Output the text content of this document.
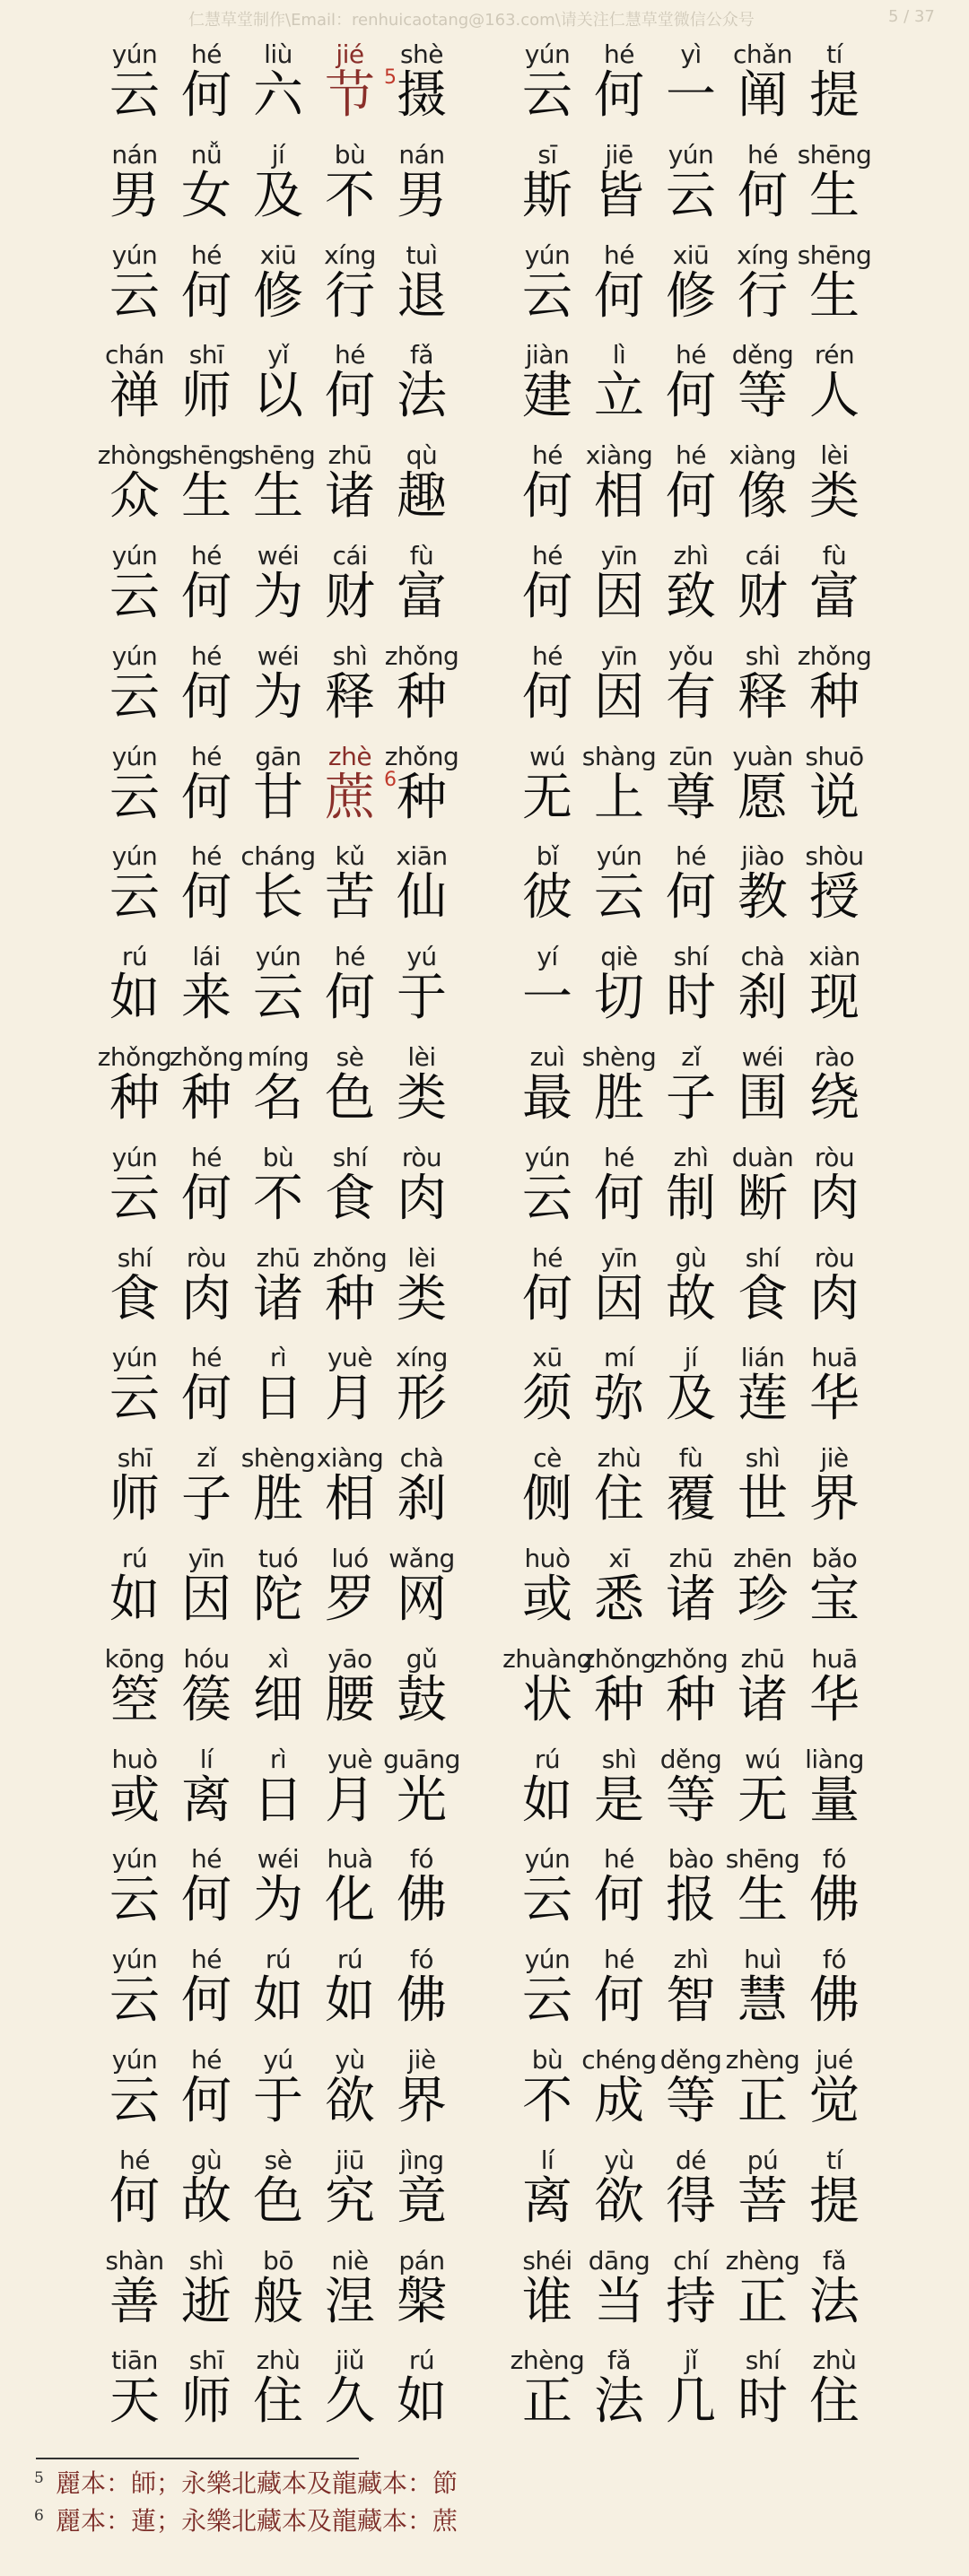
仁慧草堂制作\Email：renhuicaotang@163.com\请关注仁慧草堂微信公众号	5 / 37
yún
云
hé
何
liù
六
jié
节 5
shè
摄
yún
云
hé
何
yì
一
chǎn
阐
tí
提
nán
男
nǚ
女
jí
及
bù
不
nán
男
sī
斯
jiē
皆
yún
云
hé
何
shēng
生
yún
云
hé
何
xiū
修
xíng
行
tuì
退
yún
云
hé
何
xiū
修
xíng
行
shēng
生
chán
禅
shī
师
yǐ
以
hé
何
fǎ
法
jiàn
建
lì
立
hé
何
děng
等
rén
人
zhòng
众
shēng
生
shēng
生
zhū
诸
qù
趣
hé
何
xiàng
相
hé
何
xiàng
像
lèi
类
yún
云
hé
何
wéi
为
cái
财
fù
富
hé
何
yīn
因
zhì
致
cái
财
fù
富
yún
云
hé
何
wéi
为
shì
释
zhǒng
种
hé
何
yīn
因
yǒu
有
shì
释
zhǒng
种
yún
云
hé
何
gān
甘
zhè
蔗 6
zhǒng
种
wú
无
shàng
上
zūn
尊
yuàn
愿
shuō
说
yún
云
hé
何
cháng
长
kǔ
苦
xiān
仙
bǐ
彼
yún
云
hé
何
jiào
教
shòu
授
rú
如
lái
来
yún
云
hé
何
yú
于
yí
一
qiè
切
shí
时
chà
刹
xiàn
现
zhǒng
种
zhǒng
种
míng
名
sè
色
lèi
类
zuì
最
shèng
胜
zǐ
子
wéi
围
rào
绕
yún
云
hé
何
bù
不
shí
食
ròu
肉
yún
云
hé
何
zhì
制
duàn
断
ròu
肉
shí
食
ròu
肉
zhū
诸
zhǒng
种
lèi
类
hé
何
yīn
因
gù
故
shí
食
ròu
肉
yún
云
hé
何
rì
日
yuè
月
xíng
形
xū
须
mí
弥
jí
及
lián
莲
huā
华
shī
师
zǐ
子
shèng
胜
xiàng
相
chà
刹
cè
侧
zhù
住
fù
覆
shì
世
jiè
界
rú
如
yīn
因
tuó
陀
luó
罗
wǎng
网
huò
或
xī
悉
zhū
诸
zhēn
珍
bǎo
宝
kōng
箜
hóu
篌
xì
细
yāo
腰
gǔ
鼓
zhuàng
状
zhǒng
种
zhǒng
种
zhū
诸
huā
华
huò
或
lí
离
rì
日
yuè
月
guāng
光
rú
如
shì
是
děng
等
wú
无
liàng
量
yún
云
hé
何
wéi
为
huà
化
fó
佛
yún
云
hé
何
bào
报
shēng
生
fó
佛
yún
云
hé
何
rú
如
rú
如
fó
佛
yún
云
hé
何
zhì
智
huì
慧
fó
佛
yún
云
hé
何
yú
于
yù
欲
jiè
界
bù
不
chéng
成
děng
等
zhèng
正
jué
觉
hé
何
gù
故
sè
色
jiū
究
jìng
竟
lí
离
yù
欲
dé
得
pú
菩
tí
提
shàn
善
shì
逝
bō
般
niè
涅
pán
槃
shéi
谁
dāng
当
chí
持
zhèng
正
fǎ
法
tiān
天
shī
师
zhù
住
jiǔ
久
rú
如
zhèng
正
fǎ
法
jǐ
几
shí
时
zhù
住
5 麗本：師；永樂北藏本及龍藏本：節
6 麗本：蓮；永樂北藏本及龍藏本：蔗
